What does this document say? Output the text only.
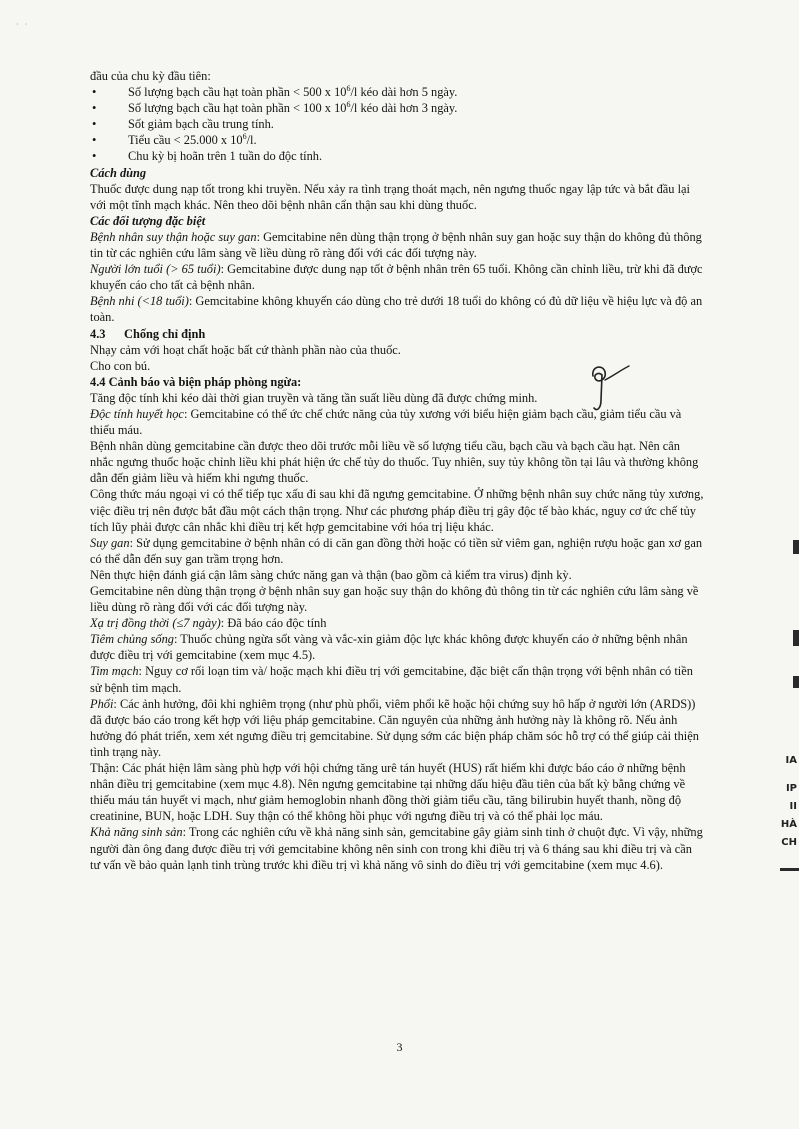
· ·

đầu của chu kỳ đầu tiên:

•	Số lượng bạch cầu hạt toàn phần < 500 x $10^6/l$ kéo dài hơn 5 ngày.

•	Số lượng bạch cầu hạt toàn phần < 100 x $10^6/l$ kéo dài hơn 3 ngày.

•	Sốt giảm bạch cầu trung tính.

•	Tiểu cầu < 25.000 x $10^6/l$.

•	Chu kỳ bị hoãn trên 1 tuần do độc tính.

Cách dùng

Thuốc được dung nạp tốt trong khi truyền. Nếu xảy ra tình trạng thoát mạch, nên ngưng thuốc ngay lập tức và bắt đầu lại với một tĩnh mạch khác. Nên theo dõi bệnh nhân cẩn thận sau khi dùng thuốc.

Các đối tượng đặc biệt

Bệnh nhân suy thận hoặc suy gan: Gemcitabine nên dùng thận trọng ở bệnh nhân suy gan hoặc suy thận do không đủ thông tin từ các nghiên cứu lâm sàng về liều dùng rõ ràng đối với các đối tượng này.

Người lớn tuổi (> 65 tuổi): Gemcitabine được dung nạp tốt ở bệnh nhân trên 65 tuổi. Không cần chỉnh liều, trừ khi đã được khuyến cáo cho tất cả bệnh nhân.

Bệnh nhi (<18 tuổi): Gemcitabine không khuyến cáo dùng cho trẻ dưới 18 tuổi do không có đủ dữ liệu về hiệu lực và độ an toàn.

4.3	Chống chỉ định

Nhạy cảm với hoạt chất hoặc bất cứ thành phần nào của thuốc.

Cho con bú.

4.4 Cảnh báo và biện pháp phòng ngừa:

Tăng độc tính khi kéo dài thời gian truyền và tăng tần suất liều dùng đã được chứng minh.

Độc tính huyết học: Gemcitabine có thể ức chế chức năng của tủy xương với biểu hiện giảm bạch cầu, giảm tiểu cầu và thiếu máu.

Bệnh nhân dùng gemcitabine cần được theo dõi trước mỗi liều về số lượng tiểu cầu, bạch cầu và bạch cầu hạt. Nên cân nhắc ngưng thuốc hoặc chỉnh liều khi phát hiện ức chế tủy do thuốc. Tuy nhiên, suy tủy không tồn tại lâu và thường không dẫn đến giảm liều và hiếm khi ngưng thuốc.

Công thức máu ngoại vi có thể tiếp tục xấu đi sau khi đã ngưng gemcitabine. Ở những bệnh nhân suy chức năng tủy xương, việc điều trị nên được bắt đầu một cách thận trọng. Như các phương pháp điều trị gây độc tế bào khác, nguy cơ ức chế tủy tích lũy phải được cân nhắc khi điều trị kết hợp gemcitabine với hóa trị liệu khác.

Suy gan: Sử dụng gemcitabine ở bệnh nhân có di căn gan đồng thời hoặc có tiền sử viêm gan, nghiện rượu hoặc gan xơ gan có thể dẫn đến suy gan trầm trọng hơn.

Nên thực hiện đánh giá cận lâm sàng chức năng gan và thận (bao gồm cả kiểm tra virus) định kỳ.

Gemcitabine nên dùng thận trọng ở bệnh nhân suy gan hoặc suy thận do không đủ thông tin từ các nghiên cứu lâm sàng về liều dùng rõ ràng đối với các đối tượng này.

Xạ trị đồng thời (≤7 ngày): Đã báo cáo độc tính

Tiêm chủng sống: Thuốc chủng ngừa sốt vàng và vắc-xin giảm độc lực khác không được khuyến cáo ở những bệnh nhân được điều trị với gemcitabine (xem mục 4.5).

Tim mạch: Nguy cơ rối loạn tim và/ hoặc mạch khi điều trị với gemcitabine, đặc biệt cẩn thận trọng với bệnh nhân có tiền sử bệnh tim mạch.

Phổi: Các ảnh hưởng, đôi khi nghiêm trọng (như phù phổi, viêm phổi kẽ hoặc hội chứng suy hô hấp ở người lớn (ARDS)) đã được báo cáo trong kết hợp với liệu pháp gemcitabine. Căn nguyên của những ảnh hưởng này là không rõ. Nếu ảnh hưởng đó phát triển, xem xét ngưng điều trị gemcitabine. Sử dụng sớm các biện pháp chăm sóc hỗ trợ có thể giúp cải thiện tình trạng này.

Thận: Các phát hiện lâm sàng phù hợp với hội chứng tăng urê tán huyết (HUS) rất hiếm khi được báo cáo ở những bệnh nhân điều trị gemcitabine (xem mục 4.8). Nên ngưng gemcitabine tại những dấu hiệu đầu tiên của bất kỳ bằng chứng về thiếu máu tán huyết vi mạch, như giảm hemoglobin nhanh đồng thời giảm tiểu cầu, tăng bilirubin huyết thanh, nồng độ creatinine, BUN, hoặc LDH. Suy thận có thể không hồi phục với ngưng điều trị và có thể phải lọc máu.

Khả năng sinh sản: Trong các nghiên cứu về khả năng sinh sản, gemcitabine gây giảm sinh tinh ở chuột đực. Vì vậy, những người đàn ông đang được điều trị với gemcitabine không nên sinh con trong khi điều trị và 6 tháng sau khi điều trị và cần tư vấn về bảo quản lạnh tinh trùng trước khi điều trị vì khả năng vô sinh do điều trị với gemcitabine (xem mục 4.6).

3
IA
IP
II
HÀ
CH
